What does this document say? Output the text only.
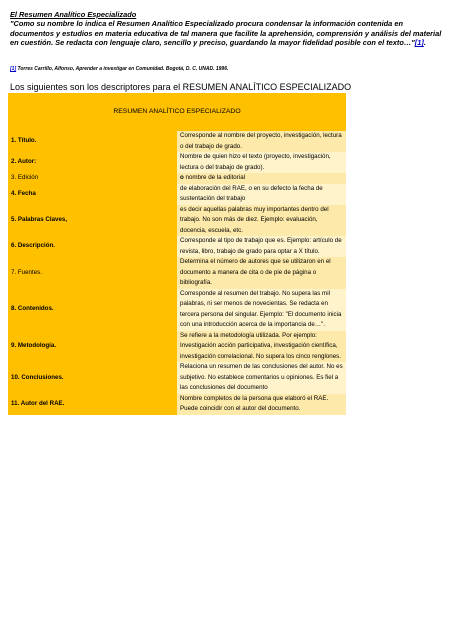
El Resumen Analítico Especializado
"Como su nombre lo indica el Resumen Analítico Especializado procura condensar la información contenida en documentos y estudios en materia educativa de tal manera que facilite la aprehensión, comprensión y análisis del material en cuestión. Se redacta con lenguaje claro, sencillo y preciso, guardando la mayor fidelidad posible con el texto…"[1].
[1] Torres Carrillo, Alfonso, Aprender a investigar en Comunidad. Bogotá, D. C. UNAD. 1996.
Los siguientes son los descriptores para el RESUMEN ANALÍTICO ESPECIALIZADO
RESUMEN ANALÍTICO ESPECIALIZADO	
1. Título.	Corresponde al nombre del proyecto, investigación, lectura o del trabajo de grado.
2. Autor:	Nombre de quien hizo el texto (proyecto, investigación, lectura o del trabajo de grado).
3. Edición	o nombre de la editorial
4. Fecha	de elaboración del RAE, o en su defecto la fecha de sustentación del trabajo
5. Palabras Claves,	es decir aquellas palabras muy importantes dentro del trabajo. No son más de diez. Ejemplo: evaluación, docencia, escuela, etc.
6. Descripción.	Corresponde al tipo de trabajo que es. Ejemplo: artículo de revista, libro, trabajo de grado para optar a X título.
7. Fuentes.	Determina el número de autores que se utilizaron en el documento a manera de cita o de pie de página o bibliografía.
8. Contenidos.	Corresponde al resumen del trabajo. No supera las mil palabras, ni ser menos de novecientas. Se redacta en tercera persona del singular. Ejemplo: "El documento inicia con una introducción acerca de la importancia de…".
9. Metodología.	Se refiere a la metodología utilizada. Por ejemplo: Investigación acción participativa, investigación científica, investigación correlacional. No supera los cinco renglones.
10. Conclusiones.	Relaciona un resumen de las conclusiones del autor. No es subjetivo. No establece comentarios u opiniones. Es fiel a las conclusiones del documento
11. Autor del RAE.	Nombre completos de la persona que elaboró el RAE. Puede coincidir con el autor del documento.
